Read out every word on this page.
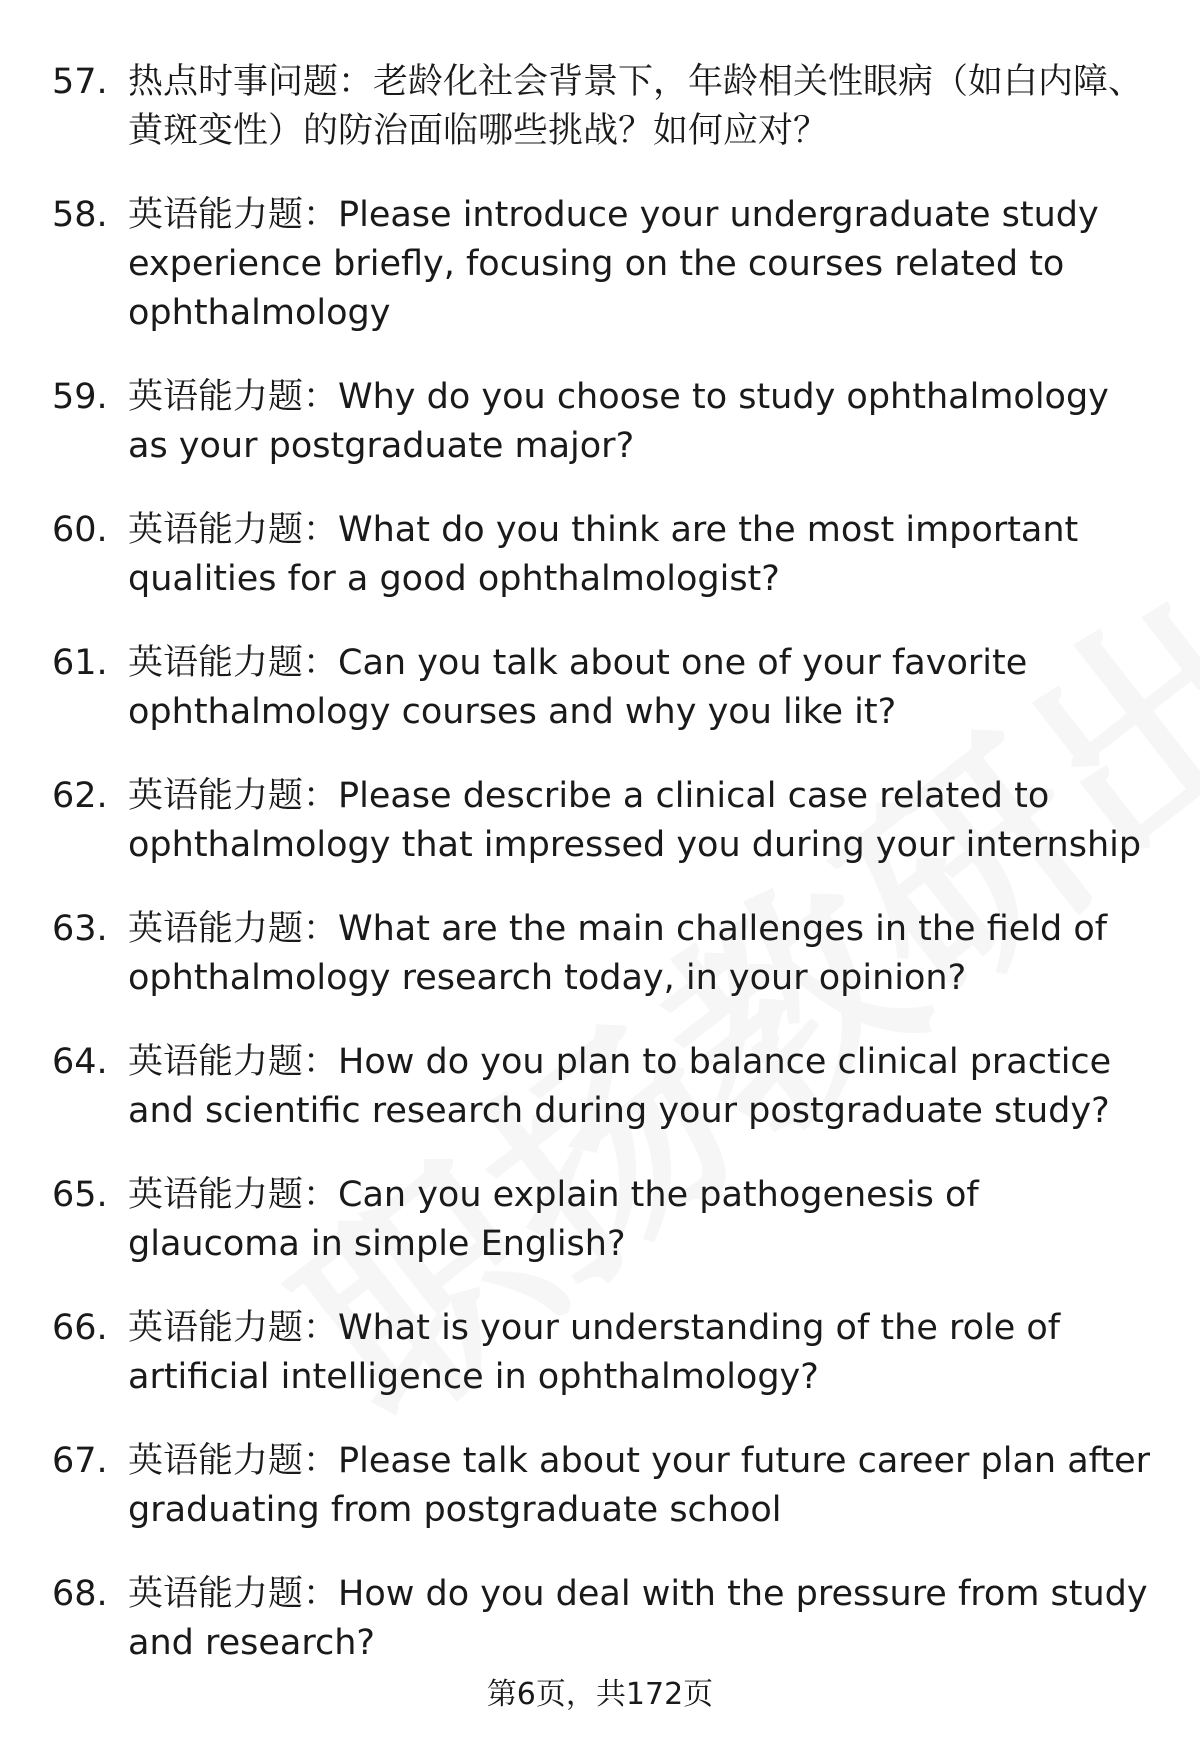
57. 热点时事问题：老龄化社会背景下，年龄相关性眼病（如白内障、黄斑变性）的防治面临哪些挑战？如何应对？
58. 英语能力题：Please introduce your undergraduate study experience briefly, focusing on the courses related to ophthalmology
59. 英语能力题：Why do you choose to study ophthalmology as your postgraduate major?
60. 英语能力题：What do you think are the most important qualities for a good ophthalmologist?
61. 英语能力题：Can you talk about one of your favorite ophthalmology courses and why you like it?
62. 英语能力题：Please describe a clinical case related to ophthalmology that impressed you during your internship
63. 英语能力题：What are the main challenges in the field of ophthalmology research today, in your opinion?
64. 英语能力题：How do you plan to balance clinical practice and scientific research during your postgraduate study?
65. 英语能力题：Can you explain the pathogenesis of glaucoma in simple English?
66. 英语能力题：What is your understanding of the role of artificial intelligence in ophthalmology?
67. 英语能力题：Please talk about your future career plan after graduating from postgraduate school
68. 英语能力题：How do you deal with the pressure from study and research?
第6页，共172页
